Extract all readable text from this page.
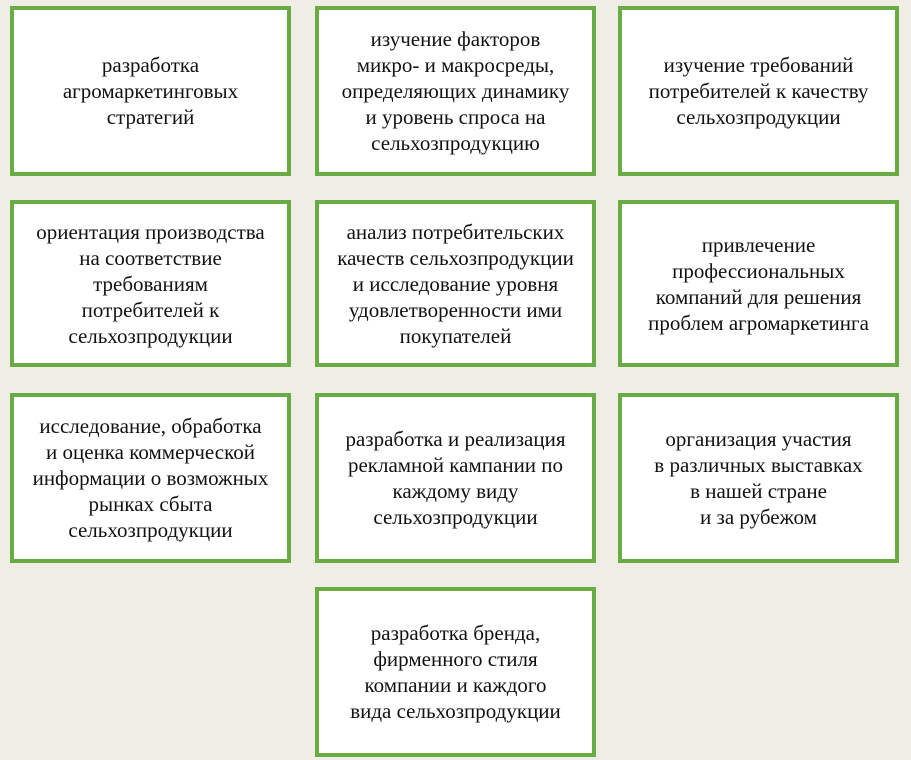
разработка
агромаркетинговых
стратегий
изучение факторов
микро- и макросреды,
определяющих динамику
и уровень спроса на
сельхозпродукцию
изучение требований
потребителей к качеству
сельхозпродукции
ориентация производства
на соответствие
требованиям
потребителей к
сельхозпродукции
анализ потребительских
качеств сельхозпродукции
и исследование уровня
удовлетворенности ими
покупателей
привлечение
профессиональных
компаний для решения
проблем агромаркетинга
исследование, обработка
и оценка коммерческой
информации о возможных
рынках сбыта
сельхозпродукции
разработка и реализация
рекламной кампании по
каждому виду
сельхозпродукции
организация участия
в различных выставках
в нашей стране
и за рубежом
разработка бренда,
фирменного стиля
компании и каждого
вида сельхозпродукции
